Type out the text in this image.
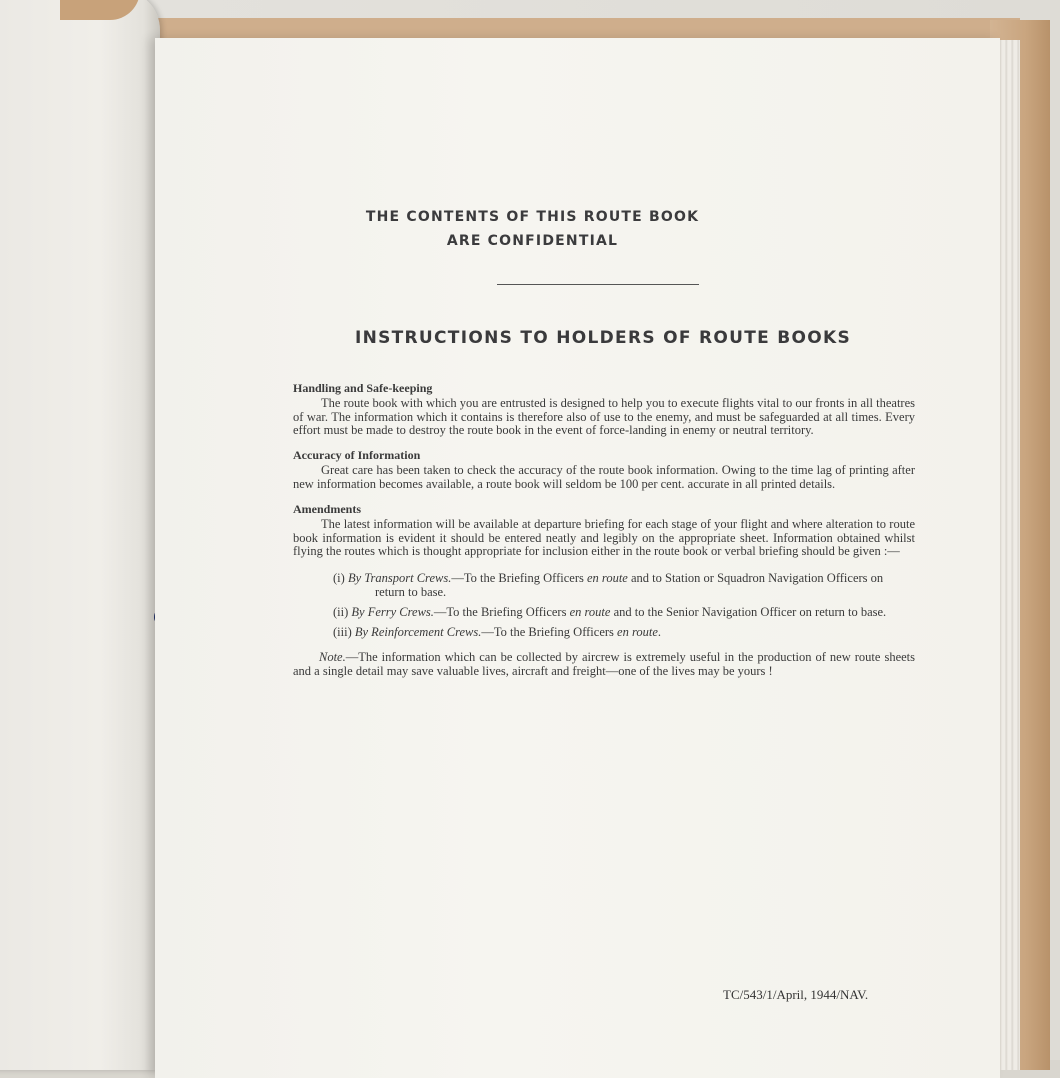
THE CONTENTS OF THIS ROUTE BOOK
ARE CONFIDENTIAL
INSTRUCTIONS TO HOLDERS OF ROUTE BOOKS
Handling and Safe-keeping

The route book with which you are entrusted is designed to help you to execute flights vital to our fronts in all theatres of war. The information which it contains is therefore also of use to the enemy, and must be safeguarded at all times. Every effort must be made to destroy the route book in the event of force-landing in enemy or neutral territory.

Accuracy of Information

Great care has been taken to check the accuracy of the route book information. Owing to the time lag of printing after new information becomes available, a route book will seldom be 100 per cent. accurate in all printed details.

Amendments

The latest information will be available at departure briefing for each stage of your flight and where alteration to route book information is evident it should be entered neatly and legibly on the appropriate sheet. Information obtained whilst flying the routes which is thought appropriate for inclusion either in the route book or verbal briefing should be given :—

(i) By Transport Crews.—To the Briefing Officers en route and to Station or Squadron Navigation Officers on return to base.
(ii) By Ferry Crews.—To the Briefing Officers en route and to the Senior Navigation Officer on return to base.
(iii) By Reinforcement Crews.—To the Briefing Officers en route.

Note.—The information which can be collected by aircrew is extremely useful in the production of new route sheets and a single detail may save valuable lives, aircraft and freight—one of the lives may be yours !

TC/543/1/April, 1944/NAV.
